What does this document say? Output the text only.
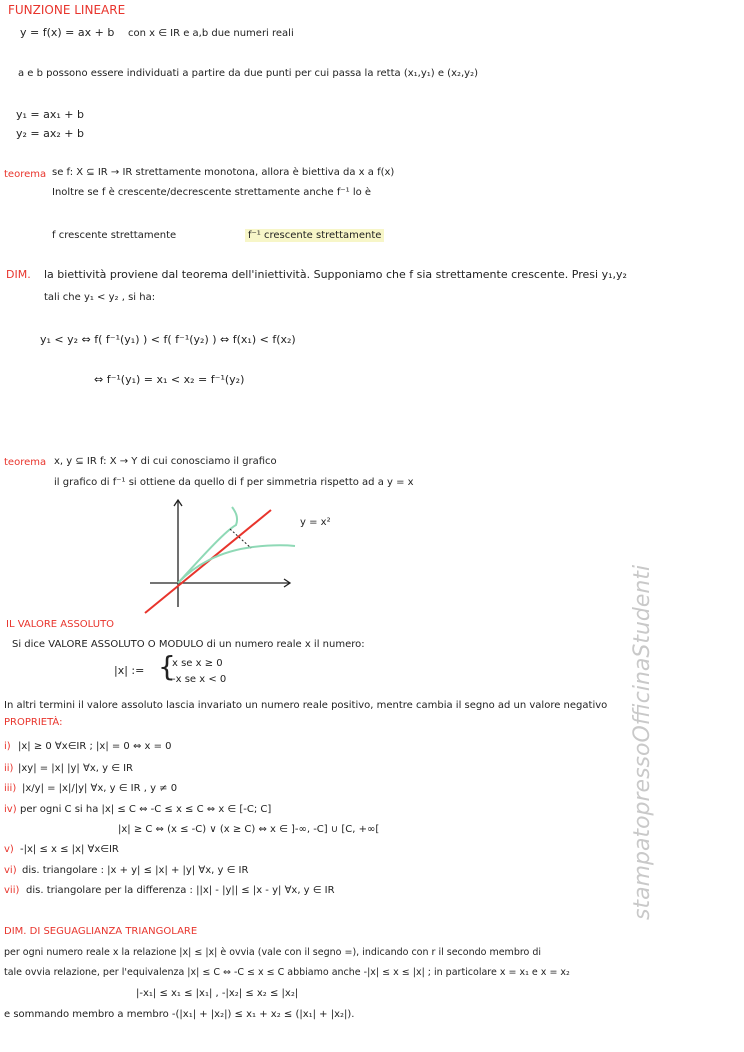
FUNZIONE LINEARE
y = f(x) = ax + b con x ∈ IR e a,b due numeri reali
a e b possono essere individuati a partire da due punti per cui passa la retta (x₁,y₁) e (x₂,y₂)
y₁ = ax₁ + b
y₂ = ax₂ + b
teorema se f: X ⊆ IR → IR strettamente monotona, allora è biettiva da x a f(x)
Inoltre se f è crescente/decrescente strettamente anche f⁻¹ lo è
f crescente strettamente	f⁻¹ crescente strettamente
DIM. la biettività proviene dal teorema dell'iniettività. Supponiamo che f sia strettamente crescente. Presi y₁,y₂
tali che y₁ < y₂ , si ha:
y₁ < y₂ ⇔ f( f⁻¹(y₁) ) < f( f⁻¹(y₂) ) ⇔ f(x₁) < f(x₂)
⇔ f⁻¹(y₁) = x₁ < x₂ = f⁻¹(y₂)
teorema x, y ⊆ IR f: X → Y di cui conosciamo il grafico
il grafico di f⁻¹ si ottiene da quello di f per simmetria rispetto ad a y = x
y = x²
IL VALORE ASSOLUTO
Si dice VALORE ASSOLUTO O MODULO di un numero reale x il numero:
|x| := {
x se x ≥ 0
-x se x < 0
In altri termini il valore assoluto lascia invariato un numero reale positivo, mentre cambia il segno ad un valore negativo
PROPRIETÀ:
i) |x| ≥ 0 ∀x∈IR ; |x| = 0 ⇔ x = 0
ii) |xy| = |x| |y| ∀x, y ∈ IR
iii) |x/y| = |x|/|y| ∀x, y ∈ IR , y ≠ 0
iv) per ogni C si ha |x| ≤ C ⇔ -C ≤ x ≤ C ⇔ x ∈ [-C; C]
|x| ≥ C ⇔ (x ≤ -C) ∨ (x ≥ C) ⇔ x ∈ ]-∞, -C] ∪ [C, +∞[
v) -|x| ≤ x ≤ |x| ∀x∈IR
vi) dis. triangolare : |x + y| ≤ |x| + |y| ∀x, y ∈ IR
vii) dis. triangolare per la differenza : ||x| - |y|| ≤ |x - y| ∀x, y ∈ IR
DIM. DI SEGUAGLIANZA TRIANGOLARE
per ogni numero reale x la relazione |x| ≤ |x| è ovvia (vale con il segno =), indicando con r il secondo membro di
tale ovvia relazione, per l'equivalenza |x| ≤ C ⇔ -C ≤ x ≤ C abbiamo anche -|x| ≤ x ≤ |x| ; in particolare x = x₁ e x = x₂
|-x₁| ≤ x₁ ≤ |x₁| , -|x₂| ≤ x₂ ≤ |x₂|
e sommando membro a membro -(|x₁| + |x₂|) ≤ x₁ + x₂ ≤ (|x₁| + |x₂|).
stampatopressoOfficinaStudenti
